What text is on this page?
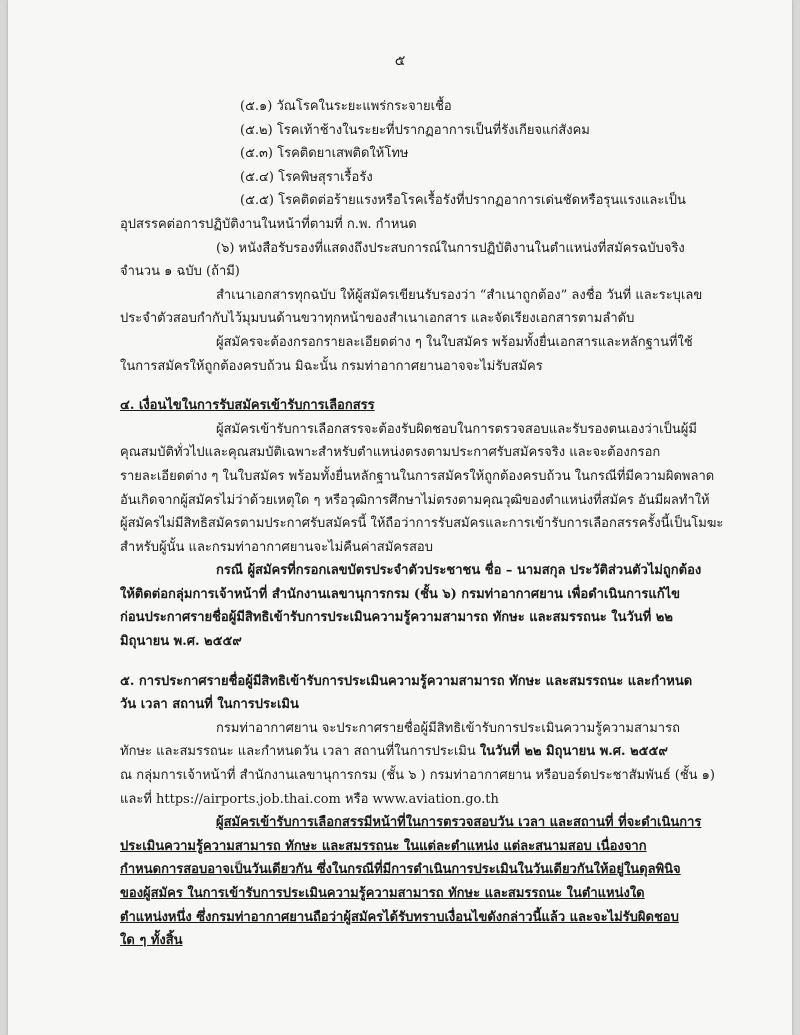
๕
(๕.๑) วัณโรคในระยะแพร่กระจายเชื้อ
(๕.๒) โรคเท้าช้างในระยะที่ปรากฏอาการเป็นที่รังเกียจแก่สังคม
(๕.๓) โรคติดยาเสพติดให้โทษ
(๕.๔) โรคพิษสุราเรื้อรัง
(๕.๕) โรคติดต่อร้ายแรงหรือโรคเรื้อรังที่ปรากฏอาการเด่นชัดหรือรุนแรงและเป็น
อุปสรรคต่อการปฏิบัติงานในหน้าที่ตามที่ ก.พ. กำหนด
(๖) หนังสือรับรองที่แสดงถึงประสบการณ์ในการปฏิบัติงานในตำแหน่งที่สมัครฉบับจริง
จำนวน ๑ ฉบับ (ถ้ามี)
สำเนาเอกสารทุกฉบับ ให้ผู้สมัครเขียนรับรองว่า “สำเนาถูกต้อง” ลงชื่อ วันที่ และระบุเลข
ประจำตัวสอบกำกับไว้มุมบนด้านขวาทุกหน้าของสำเนาเอกสาร และจัดเรียงเอกสารตามลำดับ
ผู้สมัครจะต้องกรอกรายละเอียดต่าง ๆ ในใบสมัคร พร้อมทั้งยื่นเอกสารและหลักฐานที่ใช้
ในการสมัครให้ถูกต้องครบถ้วน มิฉะนั้น กรมท่าอากาศยานอาจจะไม่รับสมัคร
๔. เงื่อนไขในการรับสมัครเข้ารับการเลือกสรร
ผู้สมัครเข้ารับการเลือกสรรจะต้องรับผิดชอบในการตรวจสอบและรับรองตนเองว่าเป็นผู้มี
คุณสมบัติทั่วไปและคุณสมบัติเฉพาะสำหรับตำแหน่งตรงตามประกาศรับสมัครจริง และจะต้องกรอก
รายละเอียดต่าง ๆ ในใบสมัคร พร้อมทั้งยื่นหลักฐานในการสมัครให้ถูกต้องครบถ้วน ในกรณีที่มีความผิดพลาด
อันเกิดจากผู้สมัครไม่ว่าด้วยเหตุใด ๆ หรือวุฒิการศึกษาไม่ตรงตามคุณวุฒิของตำแหน่งที่สมัคร อันมีผลทำให้
ผู้สมัครไม่มีสิทธิสมัครตามประกาศรับสมัครนี้ ให้ถือว่าการรับสมัครและการเข้ารับการเลือกสรรครั้งนี้เป็นโมฆะ
สำหรับผู้นั้น และกรมท่าอากาศยานจะไม่คืนค่าสมัครสอบ
กรณี ผู้สมัครที่กรอกเลขบัตรประจำตัวประชาชน ชื่อ – นามสกุล ประวัติส่วนตัวไม่ถูกต้อง
ให้ติดต่อกลุ่มการเจ้าหน้าที่ สำนักงานเลขานุการกรม (ชั้น ๖) กรมท่าอากาศยาน เพื่อดำเนินการแก้ไข
ก่อนประกาศรายชื่อผู้มีสิทธิเข้ารับการประเมินความรู้ความสามารถ ทักษะ และสมรรถนะ ในวันที่ ๒๒
มิถุนายน พ.ศ. ๒๕๕๙
๕. การประกาศรายชื่อผู้มีสิทธิเข้ารับการประเมินความรู้ความสามารถ ทักษะ และสมรรถนะ และกำหนด
วัน เวลา สถานที่ ในการประเมิน
กรมท่าอากาศยาน จะประกาศรายชื่อผู้มีสิทธิเข้ารับการประเมินความรู้ความสามารถ
ทักษะ และสมรรถนะ และกำหนดวัน เวลา สถานที่ในการประเมิน ในวันที่ ๒๒ มิถุนายน พ.ศ. ๒๕๕๙
ณ กลุ่มการเจ้าหน้าที่ สำนักงานเลขานุการกรม (ชั้น ๖ ) กรมท่าอากาศยาน หรือบอร์ดประชาสัมพันธ์ (ชั้น ๑)
และที่ https://airports.job.thai.com หรือ www.aviation.go.th
ผู้สมัครเข้ารับการเลือกสรรมีหน้าที่ในการตรวจสอบวัน เวลา และสถานที่ ที่จะดำเนินการ
ประเมินความรู้ความสามารถ ทักษะ และสมรรถนะ ในแต่ละตำแหน่ง แต่ละสนามสอบ เนื่องจาก
กำหนดการสอบอาจเป็นวันเดียวกัน ซึ่งในกรณีที่มีการดำเนินการประเมินในวันเดียวกันให้อยู่ในดุลพินิจ
ของผู้สมัคร ในการเข้ารับการประเมินความรู้ความสามารถ ทักษะ และสมรรถนะ ในตำแหน่งใด
ตำแหน่งหนึ่ง ซึ่งกรมท่าอากาศยานถือว่าผู้สมัครได้รับทราบเงื่อนไขดังกล่าวนี้แล้ว และจะไม่รับผิดชอบ
ใด ๆ ทั้งสิ้น
